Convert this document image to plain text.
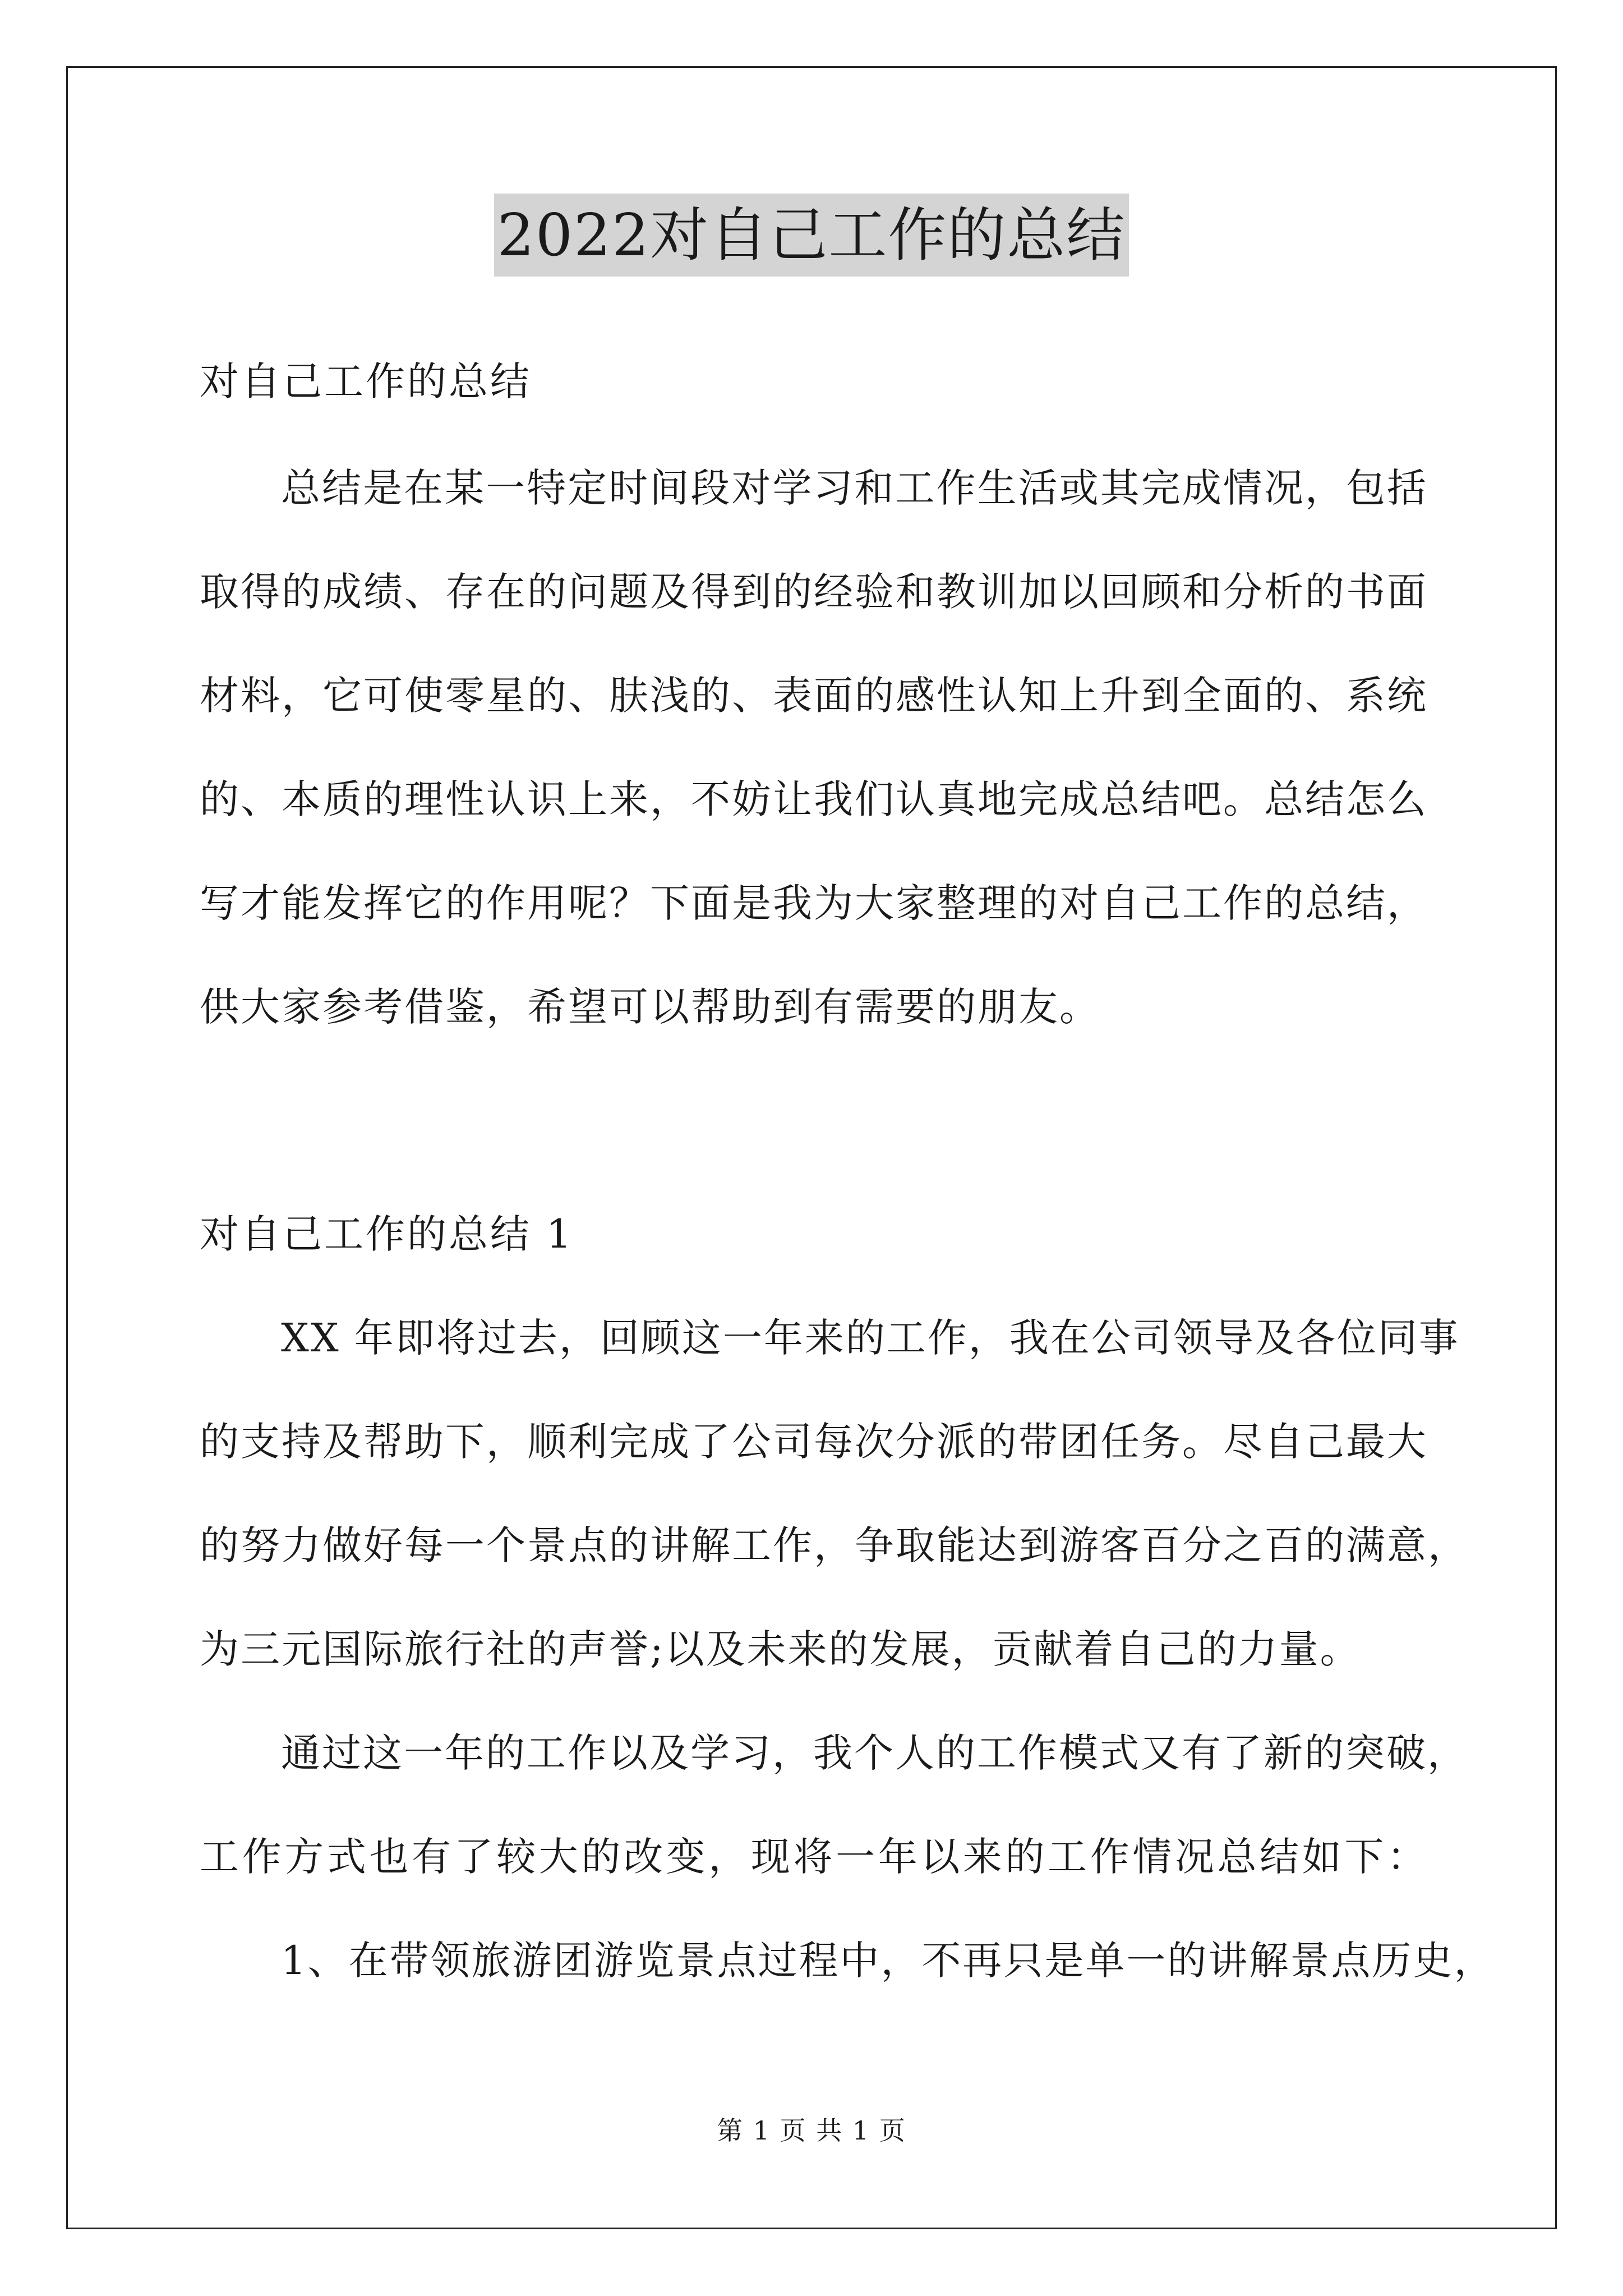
2022对自己工作的总结
对自己工作的总结
总结是在某一特定时间段对学习和工作生活或其完成情况，包括
取得的成绩、存在的问题及得到的经验和教训加以回顾和分析的书面
材料，它可使零星的、肤浅的、表面的感性认知上升到全面的、系统
的、本质的理性认识上来，不妨让我们认真地完成总结吧。总结怎么
写才能发挥它的作用呢？下面是我为大家整理的对自己工作的总结，
供大家参考借鉴，希望可以帮助到有需要的朋友。
对自己工作的总结 1
XX 年即将过去，回顾这一年来的工作，我在公司领导及各位同事
的支持及帮助下，顺利完成了公司每次分派的带团任务。尽自己最大
的努力做好每一个景点的讲解工作，争取能达到游客百分之百的满意，
为三元国际旅行社的声誉;以及未来的发展，贡献着自己的力量。
通过这一年的工作以及学习，我个人的工作模式又有了新的突破，
工作方式也有了较大的改变，现将一年以来的工作情况总结如下：
1、在带领旅游团游览景点过程中，不再只是单一的讲解景点历史，
第 1 页 共 1 页
